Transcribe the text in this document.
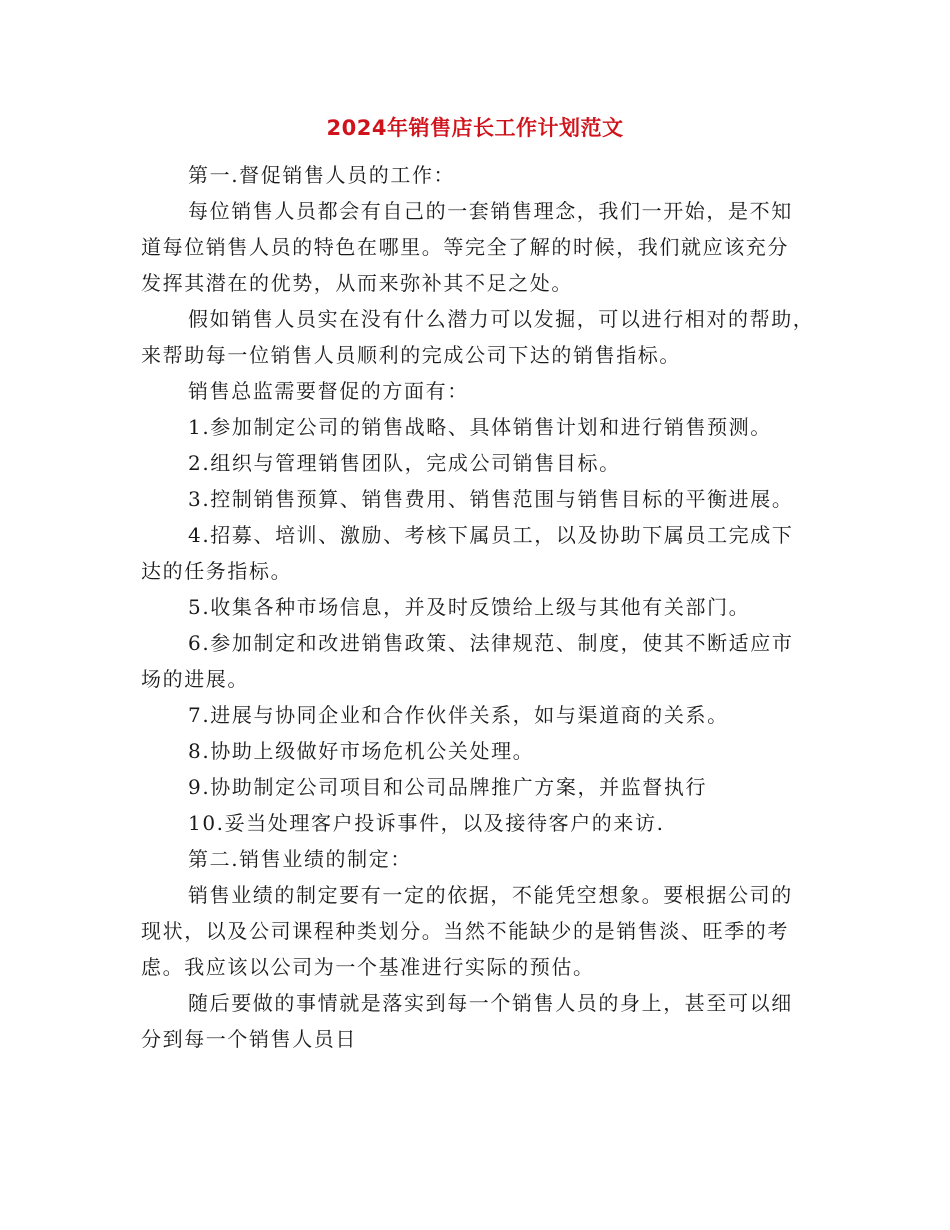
2024年销售店长工作计划范文
第一.督促销售人员的工作：
每位销售人员都会有自己的一套销售理念，我们一开始，是不知
道每位销售人员的特色在哪里。等完全了解的时候，我们就应该充分
发挥其潜在的优势，从而来弥补其不足之处。
假如销售人员实在没有什么潜力可以发掘，可以进行相对的帮助，
来帮助每一位销售人员顺利的完成公司下达的销售指标。
销售总监需要督促的方面有：
1.参加制定公司的销售战略、具体销售计划和进行销售预测。
2.组织与管理销售团队，完成公司销售目标。
3.控制销售预算、销售费用、销售范围与销售目标的平衡进展。
4.招募、培训、激励、考核下属员工，以及协助下属员工完成下
达的任务指标。
5.收集各种市场信息，并及时反馈给上级与其他有关部门。
6.参加制定和改进销售政策、法律规范、制度，使其不断适应市
场的进展。
7.进展与协同企业和合作伙伴关系，如与渠道商的关系。
8.协助上级做好市场危机公关处理。
9.协助制定公司项目和公司品牌推广方案，并监督执行
10.妥当处理客户投诉事件，以及接待客户的来访.
第二.销售业绩的制定：
销售业绩的制定要有一定的依据，不能凭空想象。要根据公司的
现状，以及公司课程种类划分。当然不能缺少的是销售淡、旺季的考
虑。我应该以公司为一个基准进行实际的预估。
随后要做的事情就是落实到每一个销售人员的身上，甚至可以细
分到每一个销售人员日
